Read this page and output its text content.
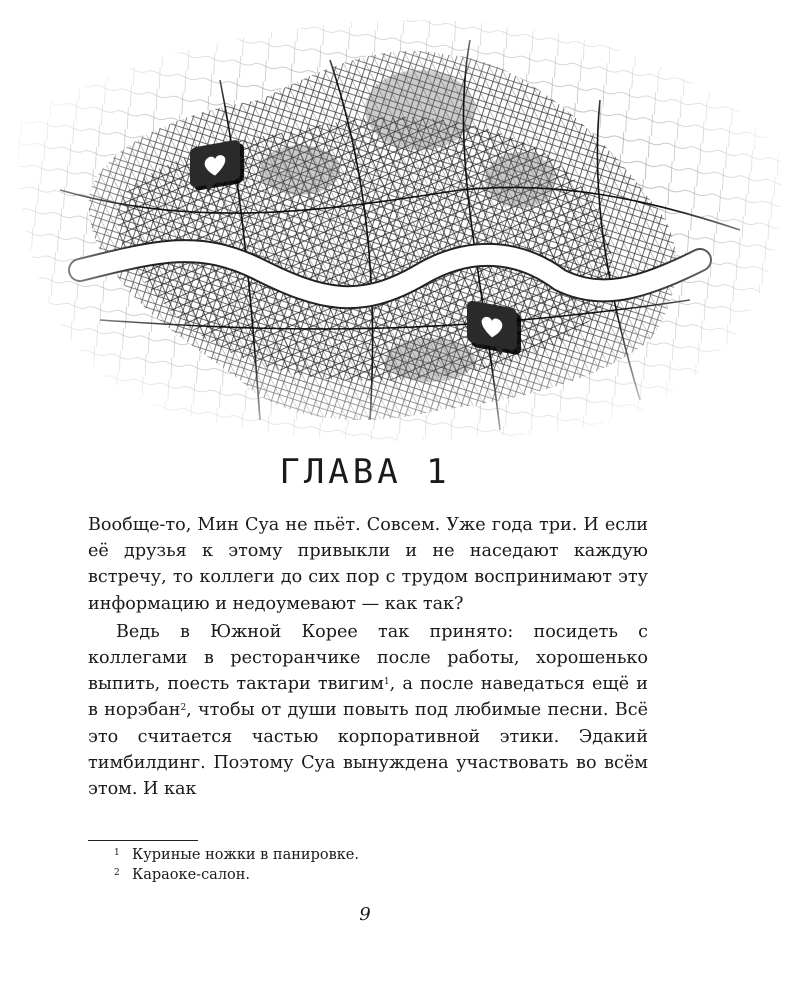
ГЛАВА 1

Вообще-то, Мин Суа не пьёт. Совсем. Уже года три. И если её друзья к этому привыкли и не наседают каждую встречу, то коллеги до сих пор с трудом воспринимают эту информацию и недоумевают — как так?

Ведь в Южной Корее так принято: посидеть с коллегами в ресторанчике после работы, хорошенько выпить, поесть тактари твигим$^1$, а после наведаться ещё и в норэбан$^2$, чтобы от души повыть под любимые песни. Всё это считается частью корпоративной этики. Эдакий тимбилдинг. Поэтому Суа вынуждена участвовать во всём этом. И как

$^1$ Куриные ножки в панировке.
$^2$ Караоке-салон.
9
